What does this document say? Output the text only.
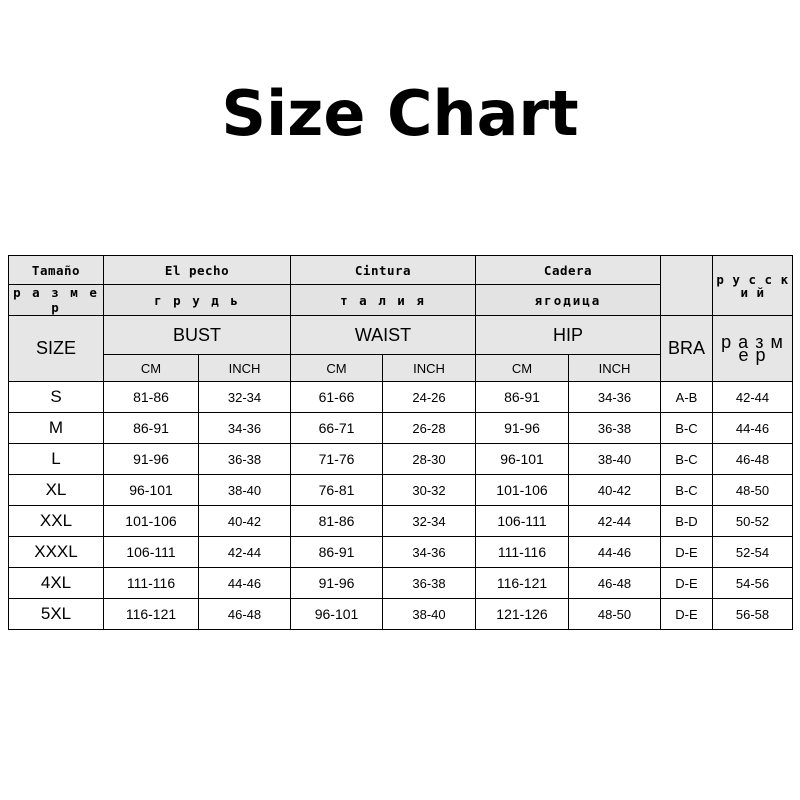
Size Chart
Tamaño	El pecho		Cintura		Cadera			р у с с к и й
р а з м е р	г р у д ь		т а л и я		ягодица			
SIZE	BUST		WAIST		HIP		BRA	р а з м е р
	CM	INCH	CM	INCH	CM	INCH		
S	81-86	32-34	61-66	24-26	86-91	34-36	A-B	42-44
M	86-91	34-36	66-71	26-28	91-96	36-38	B-C	44-46
L	91-96	36-38	71-76	28-30	96-101	38-40	B-C	46-48
XL	96-101	38-40	76-81	30-32	101-106	40-42	B-C	48-50
XXL	101-106	40-42	81-86	32-34	106-111	42-44	B-D	50-52
XXXL	106-111	42-44	86-91	34-36	111-116	44-46	D-E	52-54
4XL	111-116	44-46	91-96	36-38	116-121	46-48	D-E	54-56
5XL	116-121	46-48	96-101	38-40	121-126	48-50	D-E	56-58
